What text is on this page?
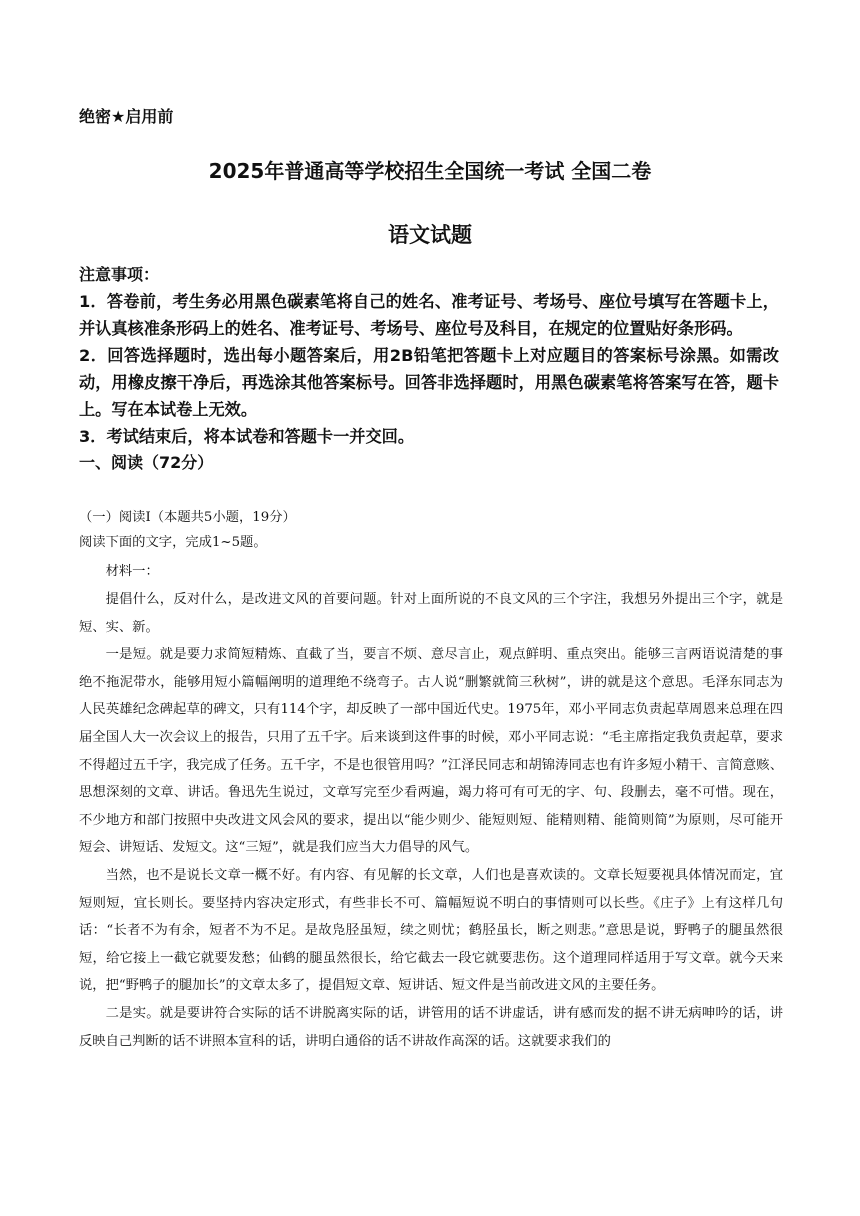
绝密★启用前
2025年普通高等学校招生全国统一考试 全国二卷
语文试题
注意事项：
1．答卷前，考生务必用黑色碳素笔将自己的姓名、准考证号、考场号、座位号填写在答题卡上，并认真核准条形码上的姓名、准考证号、考场号、座位号及科目，在规定的位置贴好条形码。
2．回答选择题时，选出每小题答案后，用2B铅笔把答题卡上对应题目的答案标号涂黑。如需改动，用橡皮擦干净后，再选涂其他答案标号。回答非选择题时，用黑色碳素笔将答案写在答，题卡上。写在本试卷上无效。
3．考试结束后，将本试卷和答题卡一并交回。
一、阅读（72分）
（一）阅读I（本题共5小题，19分）
阅读下面的文字，完成1~5题。
材料一：

提倡什么，反对什么，是改进文风的首要问题。针对上面所说的不良文风的三个字注，我想另外提出三个字，就是短、实、新。

一是短。就是要力求简短精炼、直截了当，要言不烦、意尽言止，观点鲜明、重点突出。能够三言两语说清楚的事绝不拖泥带水，能够用短小篇幅阐明的道理绝不绕弯子。古人说“删繁就简三秋树”，讲的就是这个意思。毛泽东同志为人民英雄纪念碑起草的碑文，只有114个字，却反映了一部中国近代史。1975年，邓小平同志负责起草周恩来总理在四届全国人大一次会议上的报告，只用了五千字。后来谈到这件事的时候，邓小平同志说：“毛主席指定我负责起草，要求不得超过五千字，我完成了任务。五千字，不是也很管用吗？”江泽民同志和胡锦涛同志也有许多短小精干、言简意赅、思想深刻的文章、讲话。鲁迅先生说过，文章写完至少看两遍，竭力将可有可无的字、句、段删去，毫不可惜。现在，不少地方和部门按照中央改进文风会风的要求，提出以“能少则少、能短则短、能精则精、能简则简”为原则，尽可能开短会、讲短话、发短文。这“三短”，就是我们应当大力倡导的风气。

当然，也不是说长文章一概不好。有内容、有见解的长文章，人们也是喜欢读的。文章长短要视具体情况而定，宜短则短，宜长则长。要坚持内容决定形式，有些非长不可、篇幅短说不明白的事情则可以长些。《庄子》上有这样几句话：“长者不为有余，短者不为不足。是故凫胫虽短，续之则忧；鹤胫虽长，断之则悲。”意思是说，野鸭子的腿虽然很短，给它接上一截它就要发愁；仙鹤的腿虽然很长，给它截去一段它就要悲伤。这个道理同样适用于写文章。就今天来说，把“野鸭子的腿加长”的文章太多了，提倡短文章、短讲话、短文件是当前改进文风的主要任务。

二是实。就是要讲符合实际的话不讲脱离实际的话，讲管用的话不讲虚话，讲有感而发的据不讲无病呻吟的话，讲反映自己判断的话不讲照本宣科的话，讲明白通俗的话不讲故作高深的话。这就要求我们的
